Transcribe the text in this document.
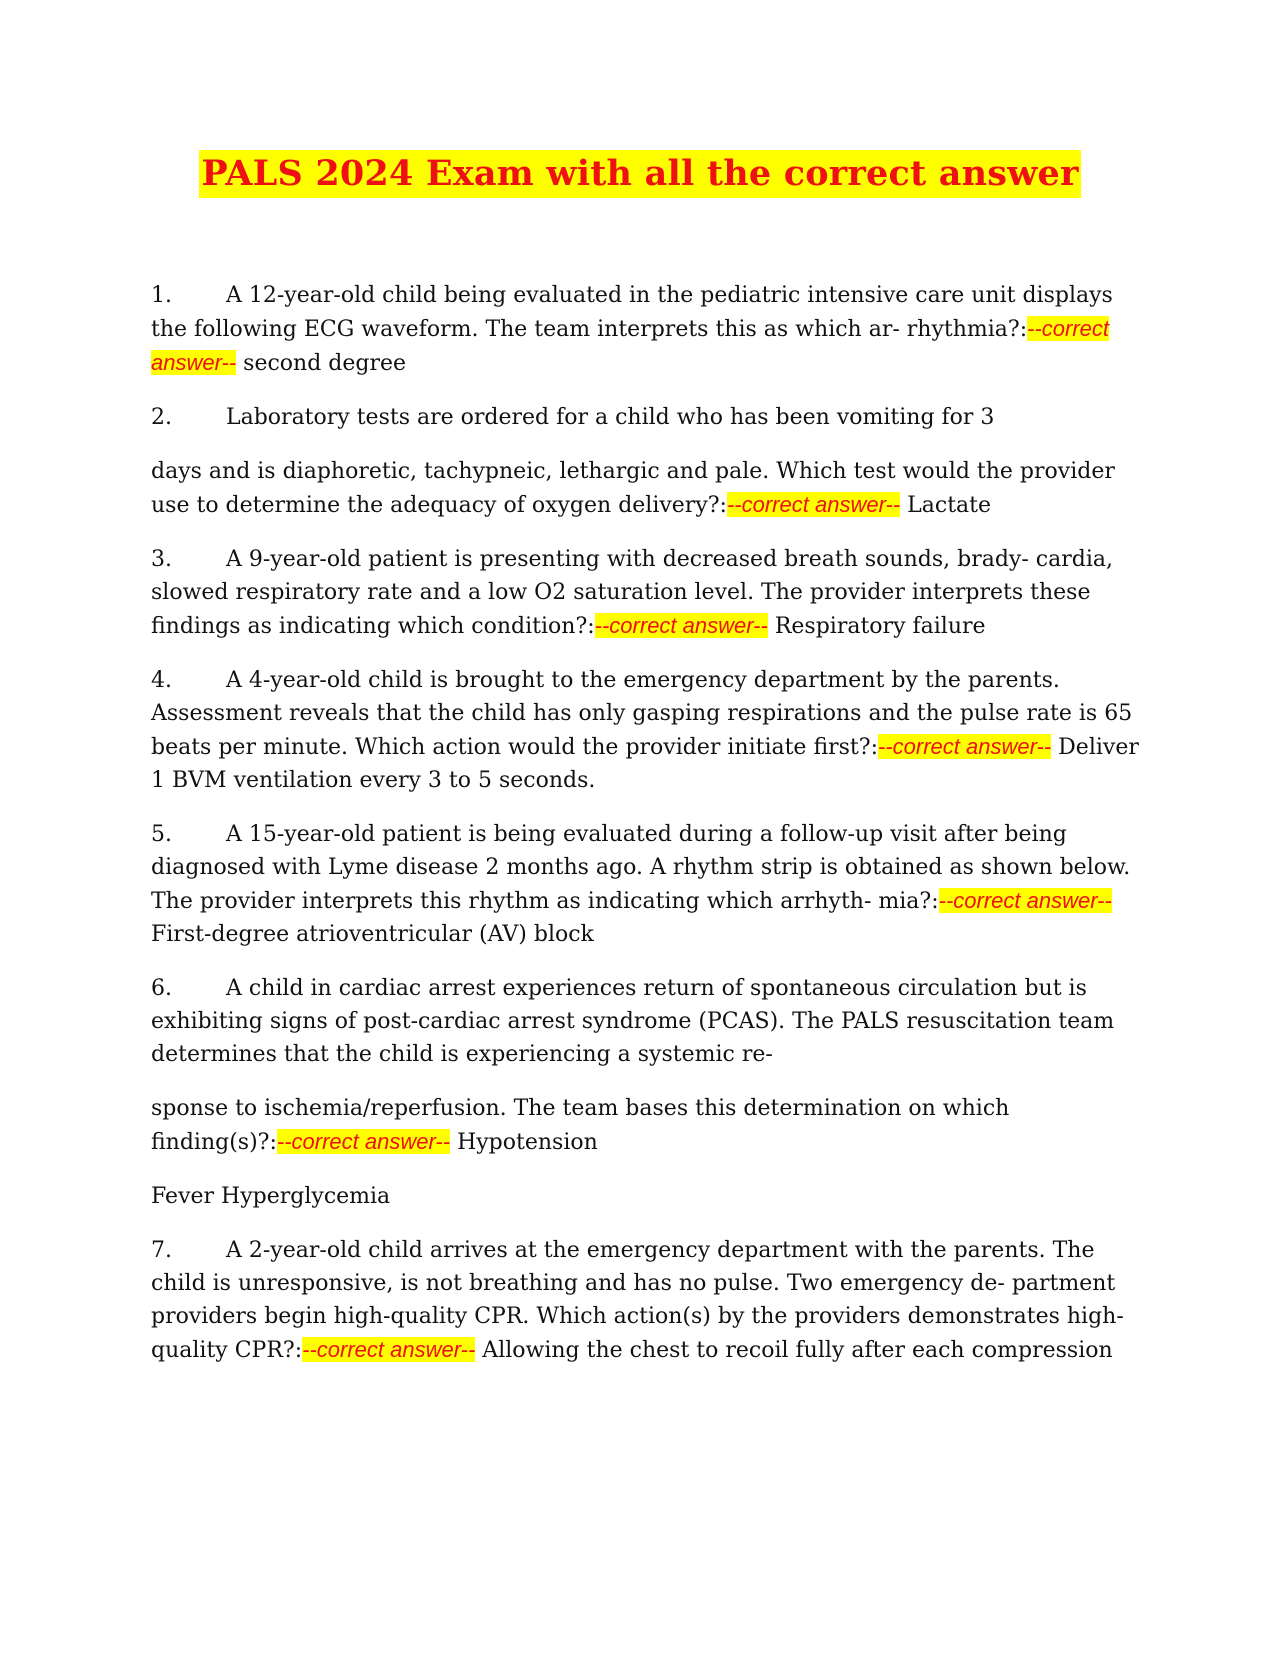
PALS 2024 Exam with all the correct answer

1. A 12-year-old child being evaluated in the pediatric intensive care unit displays the following ECG waveform. The team interprets this as which ar- rhythmia?:--correct answer-- second degree

2. Laboratory tests are ordered for a child who has been vomiting for 3

days and is diaphoretic, tachypneic, lethargic and pale. Which test would the provider use to determine the adequacy of oxygen delivery?:--correct answer-- Lactate

3. A 9-year-old patient is presenting with decreased breath sounds, brady- cardia, slowed respiratory rate and a low O2 saturation level. The provider interprets these findings as indicating which condition?:--correct answer-- Respiratory failure

4. A 4-year-old child is brought to the emergency department by the parents. Assessment reveals that the child has only gasping respirations and the pulse rate is 65 beats per minute. Which action would the provider initiate first?:--correct answer-- Deliver 1 BVM ventilation every 3 to 5 seconds.

5. A 15-year-old patient is being evaluated during a follow-up visit after being diagnosed with Lyme disease 2 months ago. A rhythm strip is obtained as shown below. The provider interprets this rhythm as indicating which arrhyth- mia?:--correct answer-- First-degree atrioventricular (AV) block

6. A child in cardiac arrest experiences return of spontaneous circulation but is exhibiting signs of post-cardiac arrest syndrome (PCAS). The PALS resuscitation team determines that the child is experiencing a systemic re-

sponse to ischemia/reperfusion. The team bases this determination on which finding(s)?:--correct answer-- Hypotension

Fever Hyperglycemia

7. A 2-year-old child arrives at the emergency department with the parents. The child is unresponsive, is not breathing and has no pulse. Two emergency de- partment providers begin high-quality CPR. Which action(s) by the providers demonstrates high-quality CPR?:--correct answer-- Allowing the chest to recoil fully after each compression
